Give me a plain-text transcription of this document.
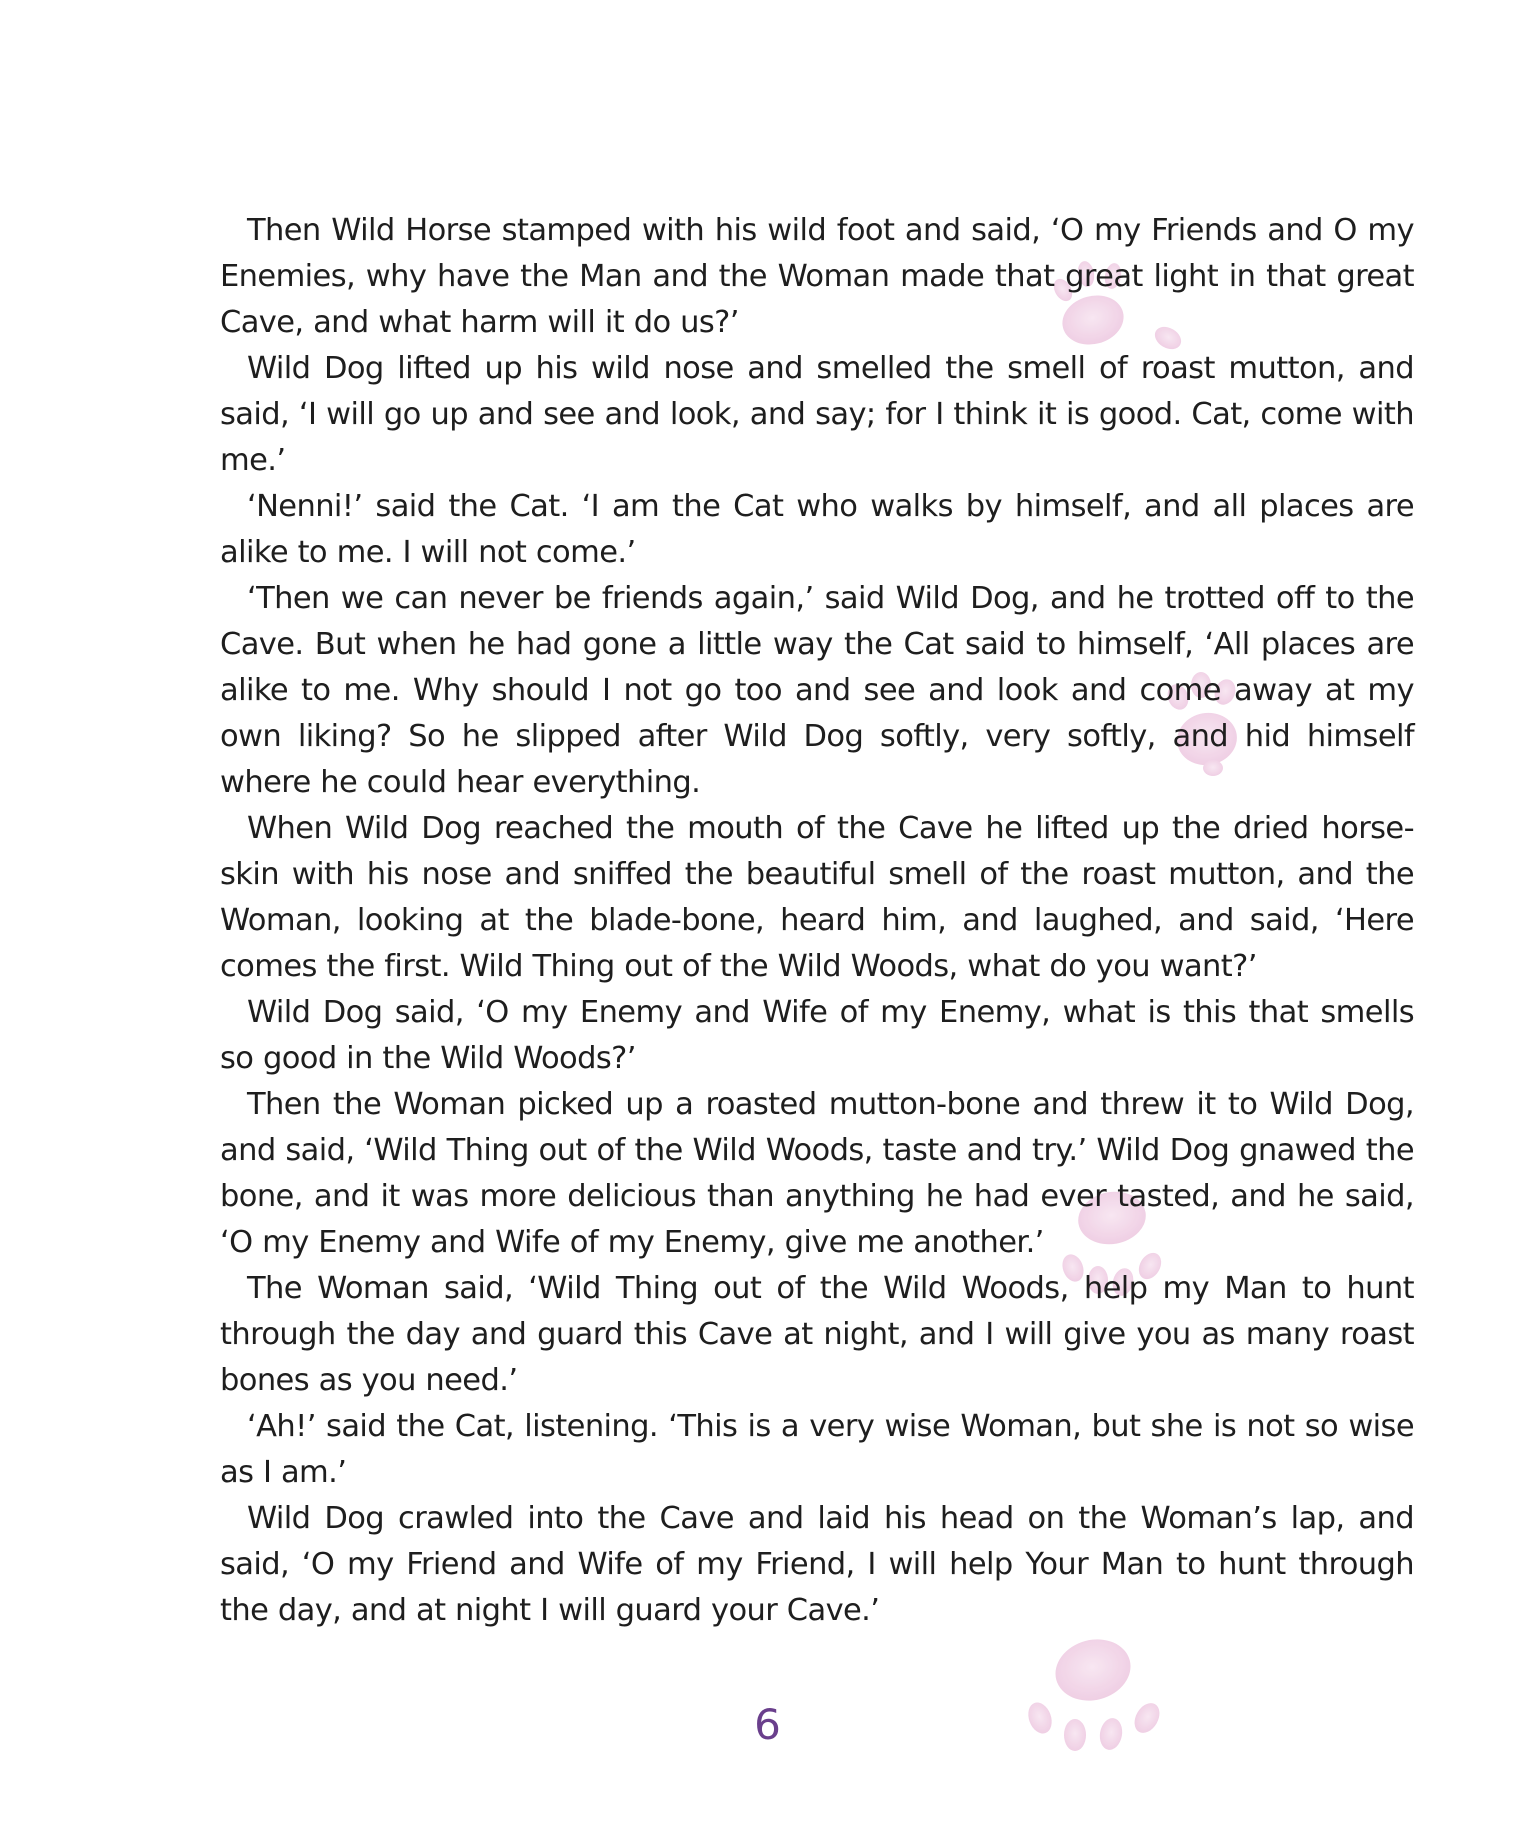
Then Wild Horse stamped with his wild foot and said, ‘O my Friends and O my Enemies, why have the Man and the Woman made that great light in that great Cave, and what harm will it do us?’

Wild Dog lifted up his wild nose and smelled the smell of roast mutton, and said, ‘I will go up and see and look, and say; for I think it is good. Cat, come with me.’

‘Nenni!’ said the Cat. ‘I am the Cat who walks by himself, and all places are alike to me. I will not come.’

‘Then we can never be friends again,’ said Wild Dog, and he trotted off to the Cave. But when he had gone a little way the Cat said to himself, ‘All places are alike to me. Why should I not go too and see and look and come away at my own liking? So he slipped after Wild Dog softly, very softly, and hid himself where he could hear everything.

When Wild Dog reached the mouth of the Cave he lifted up the dried horse-skin with his nose and sniffed the beautiful smell of the roast mutton, and the Woman, looking at the blade-bone, heard him, and laughed, and said, ‘Here comes the first. Wild Thing out of the Wild Woods, what do you want?’

Wild Dog said, ‘O my Enemy and Wife of my Enemy, what is this that smells so good in the Wild Woods?’

Then the Woman picked up a roasted mutton-bone and threw it to Wild Dog, and said, ‘Wild Thing out of the Wild Woods, taste and try.’ Wild Dog gnawed the bone, and it was more delicious than anything he had ever tasted, and he said, ‘O my Enemy and Wife of my Enemy, give me another.’

The Woman said, ‘Wild Thing out of the Wild Woods, help my Man to hunt through the day and guard this Cave at night, and I will give you as many roast bones as you need.’

‘Ah!’ said the Cat, listening. ‘This is a very wise Woman, but she is not so wise as I am.’

Wild Dog crawled into the Cave and laid his head on the Woman’s lap, and said, ‘O my Friend and Wife of my Friend, I will help Your Man to hunt through the day, and at night I will guard your Cave.’

6
